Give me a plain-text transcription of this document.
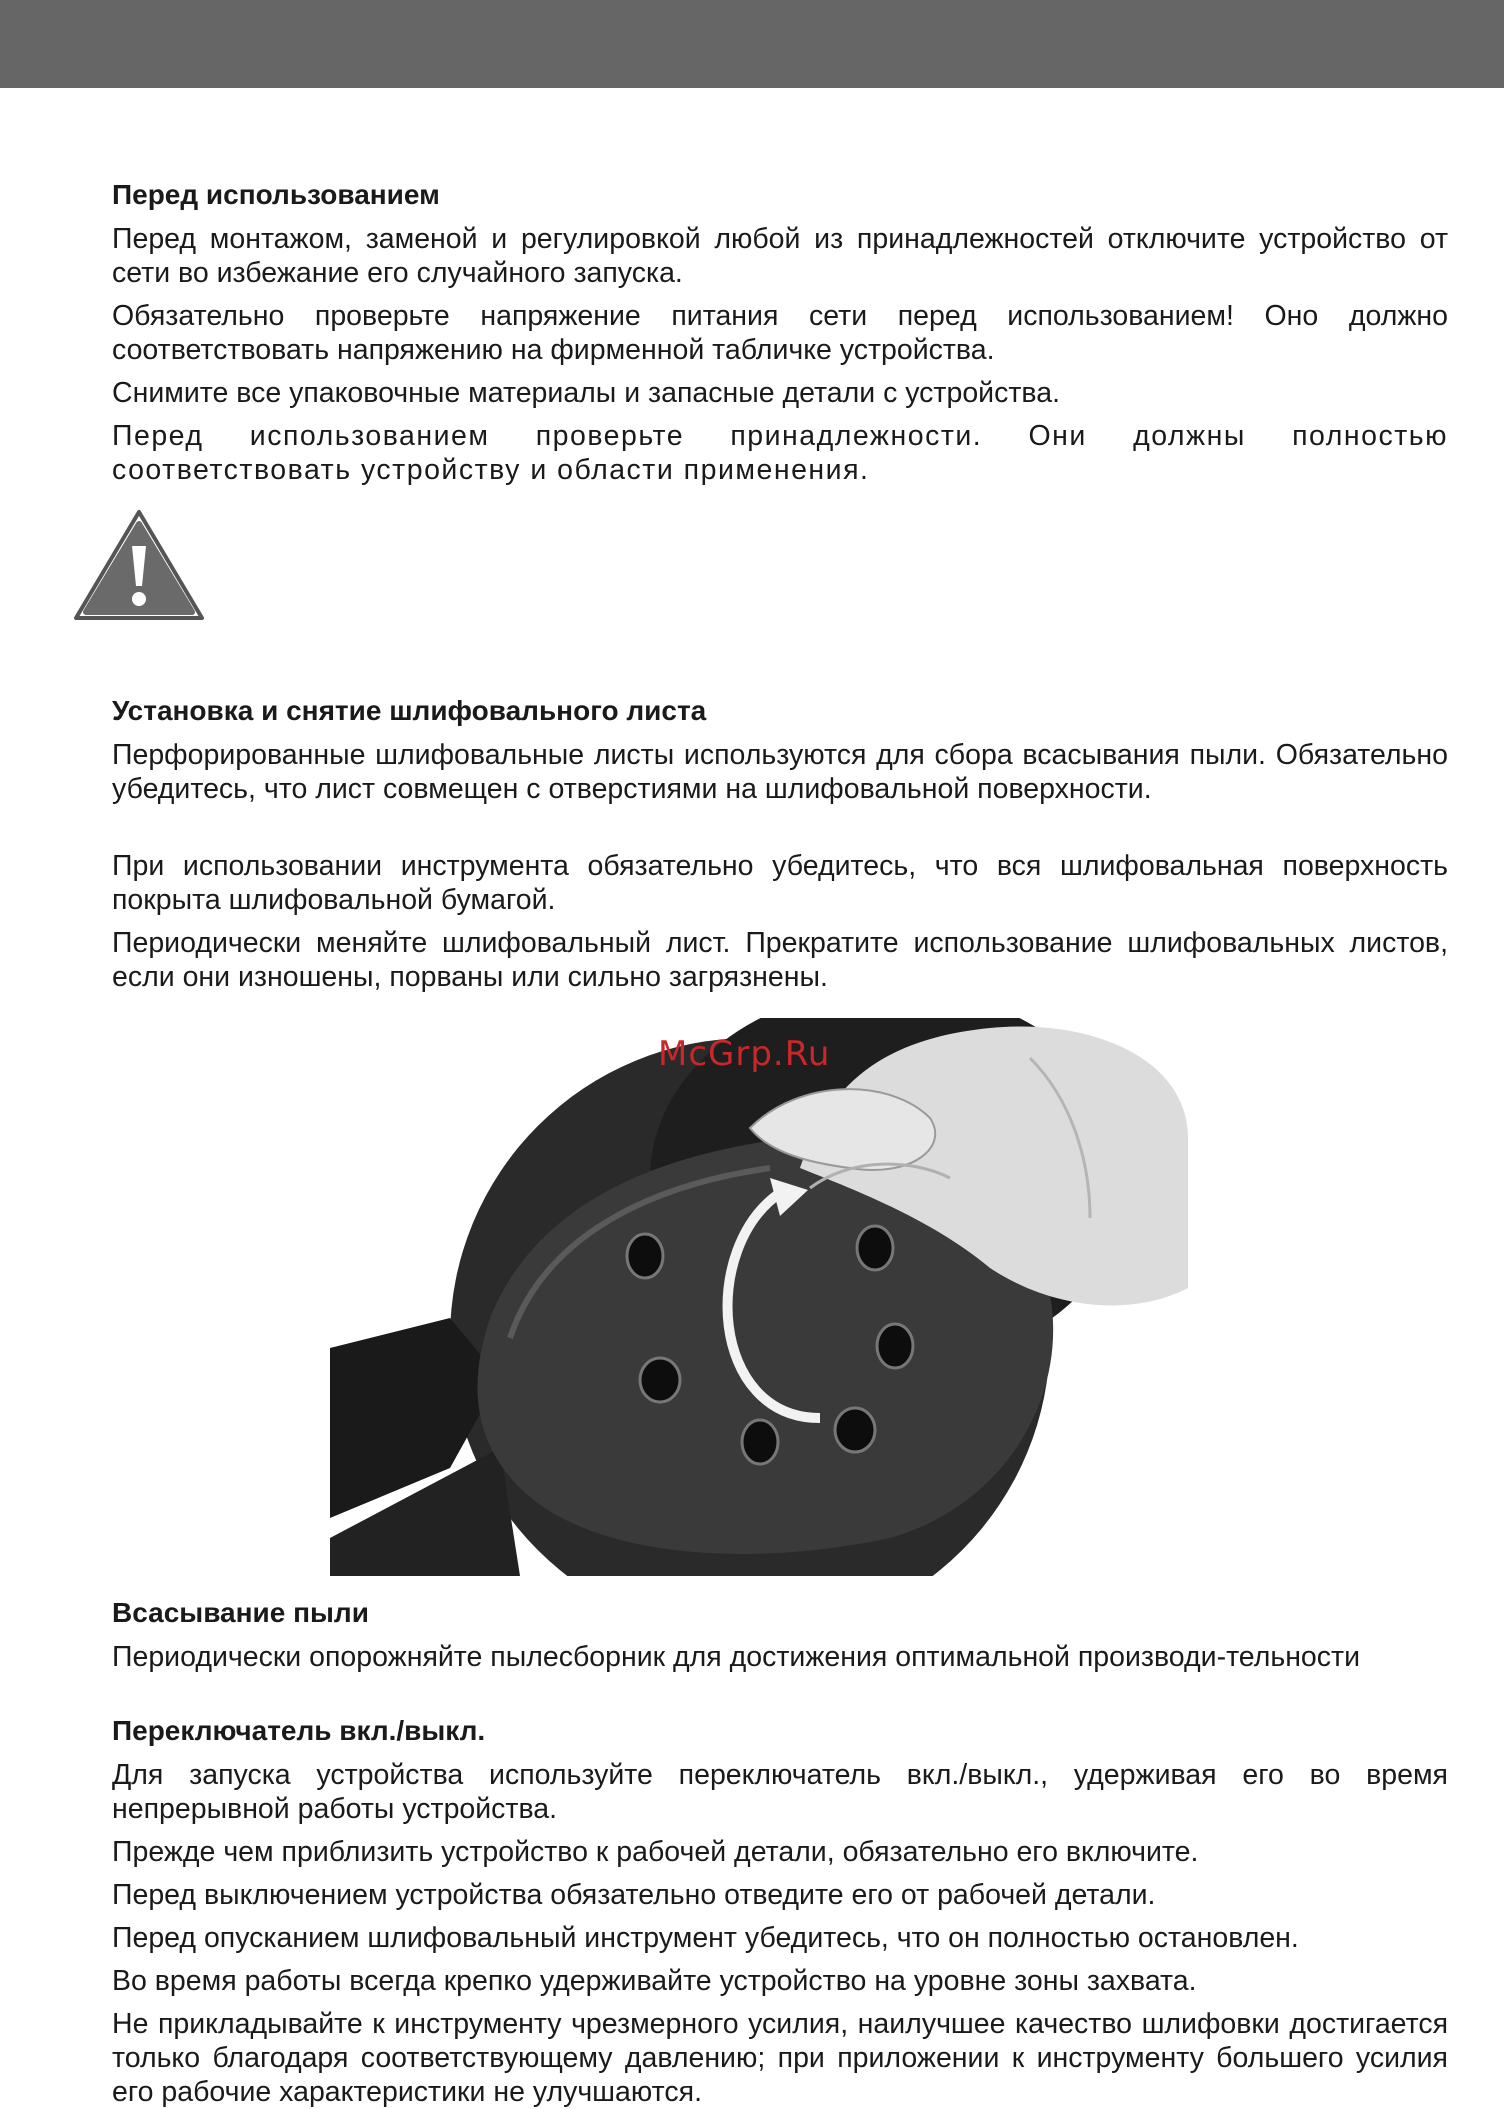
Перед использованием
Перед монтажом, заменой и регулировкой любой из принадлежностей отключите устройство от сети во избежание его случайного запуска.
Обязательно проверьте напряжение питания сети перед использованием! Оно должно соответствовать напряжению на фирменной табличке устройства.
Снимите все упаковочные материалы и запасные детали с устройства.
Перед использованием проверьте принадлежности. Они должны полностью соответствовать устройству и области применения.
Установка и снятие шлифовального листа
Перфорированные шлифовальные листы используются для сбора всасывания пыли. Обязательно убедитесь, что лист совмещен с отверстиями на шлифовальной поверхности.
При использовании инструмента обязательно убедитесь, что вся шлифовальная поверхность покрыта шлифовальной бумагой.
Периодически меняйте шлифовальный лист. Прекратите использование шлифовальных листов, если они изношены, порваны или сильно загрязнены.
Всасывание пыли
Периодически опорожняйте пылесборник для достижения оптимальной производи-тельности
Переключатель вкл./выкл.
Для запуска устройства используйте переключатель вкл./выкл., удерживая его во время непрерывной работы устройства.
Прежде чем приблизить устройство к рабочей детали, обязательно его включите.
Перед выключением устройства обязательно отведите его от рабочей детали.
Перед опусканием шлифовальный инструмент убедитесь, что он полностью остановлен.
Во время работы всегда крепко удерживайте устройство на уровне зоны захвата.
Не прикладывайте к инструменту чрезмерного усилия, наилучшее качество шлифовки достигается только благодаря соответствующему давлению; при приложении к инструменту большего усилия его рабочие характеристики не улучшаются.
McGrp.Ru
